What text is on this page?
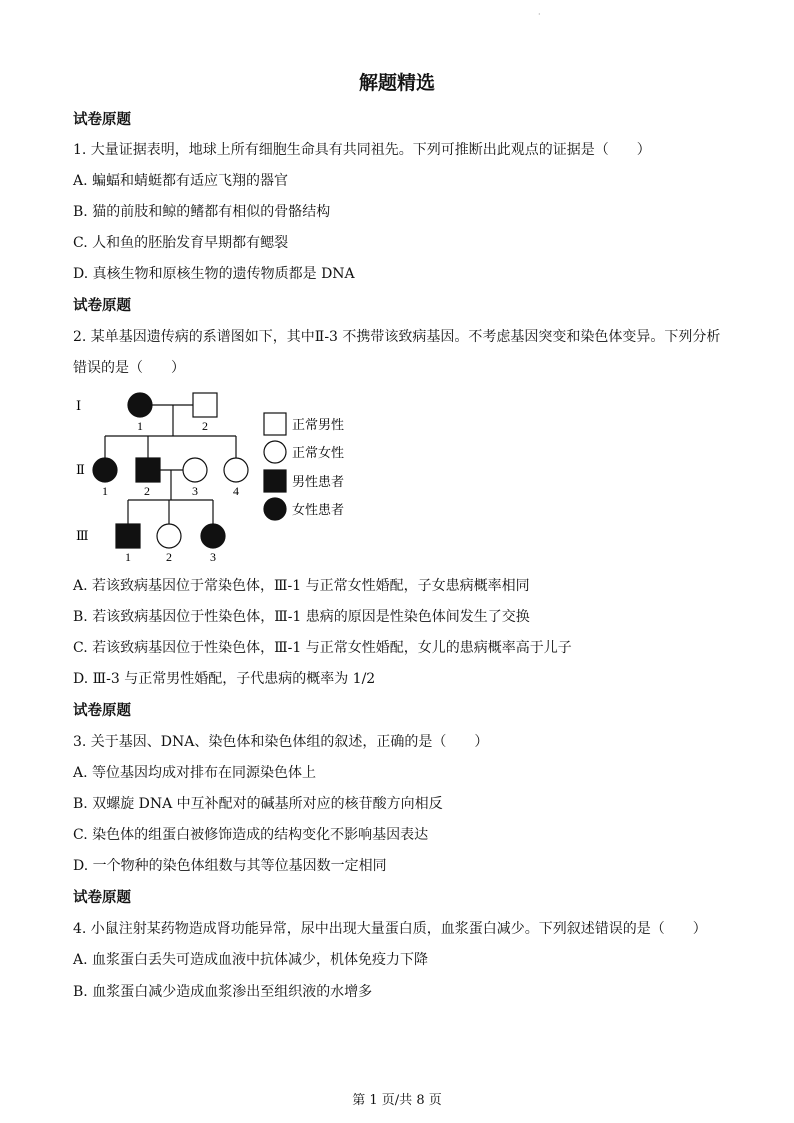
·
解题精选
试卷原题
1. 大量证据表明，地球上所有细胞生命具有共同祖先。下列可推断出此观点的证据是（　　）
A. 蝙蝠和蜻蜓都有适应飞翔的器官
B. 猫的前肢和鲸的鳍都有相似的骨骼结构
C. 人和鱼的胚胎发育早期都有鳃裂
D. 真核生物和原核生物的遗传物质都是 DNA
试卷原题
2. 某单基因遗传病的系谱图如下，其中Ⅱ-3 不携带该致病基因。不考虑基因突变和染色体变异。下列分析
错误的是（　　）
Ⅰ
Ⅱ
Ⅲ
1	2
1	2	3	4
1	2	3
正常男性
正常女性
男性患者
女性患者
A. 若该致病基因位于常染色体，Ⅲ-1 与正常女性婚配，子女患病概率相同
B. 若该致病基因位于性染色体，Ⅲ-1 患病的原因是性染色体间发生了交换
C. 若该致病基因位于性染色体，Ⅲ-1 与正常女性婚配，女儿的患病概率高于儿子
D. Ⅲ-3 与正常男性婚配，子代患病的概率为 1/2
试卷原题
3. 关于基因、DNA、染色体和染色体组的叙述，正确的是（　　）
A. 等位基因均成对排布在同源染色体上
B. 双螺旋 DNA 中互补配对的碱基所对应的核苷酸方向相反
C. 染色体的组蛋白被修饰造成的结构变化不影响基因表达
D. 一个物种的染色体组数与其等位基因数一定相同
试卷原题
4. 小鼠注射某药物造成肾功能异常，尿中出现大量蛋白质，血浆蛋白减少。下列叙述错误的是（　　）
A. 血浆蛋白丢失可造成血液中抗体减少，机体免疫力下降
B. 血浆蛋白减少造成血浆渗出至组织液的水增多
第 1 页/共 8 页
